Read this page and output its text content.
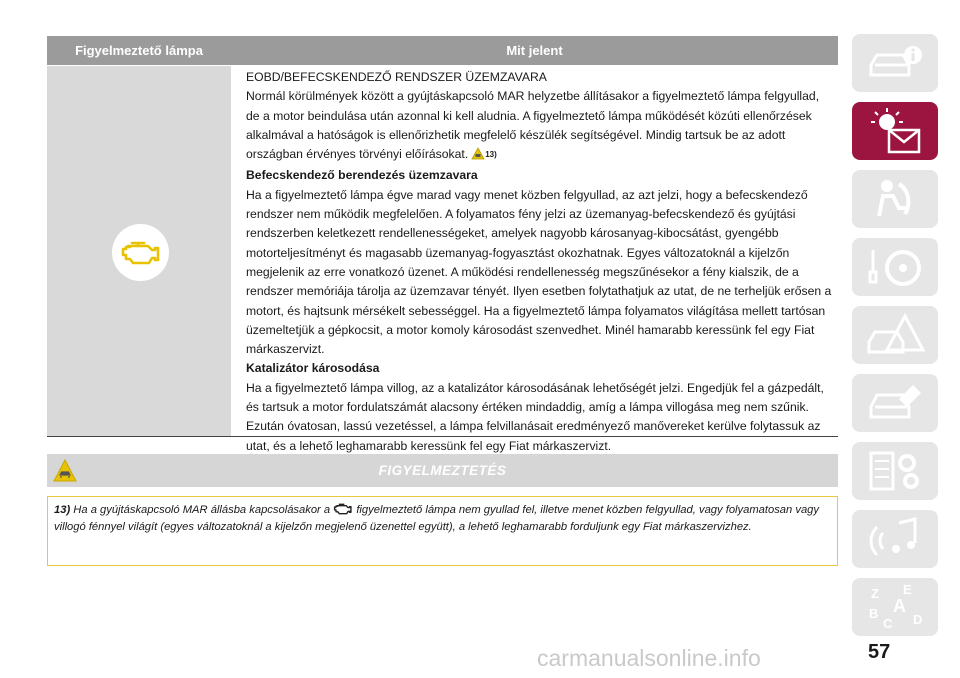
Figyelmeztető lámpa	Mit jelent

EOBD/BEFECSKENDEZŐ RENDSZER ÜZEMZAVARA

Normál körülmények között a gyújtáskapcsoló MAR helyzetbe állításakor a figyelmeztető lámpa felgyullad, de a motor beindulása után azonnal ki kell aludnia. A figyelmeztető lámpa működését közúti ellenőrzések alkalmával a hatóságok is ellenőrizhetik megfelelő készülék segítségével. Mindig tartsuk be az adott országban érvényes törvényi előírásokat. 13)

Befecskendező berendezés üzemzavara

Ha a figyelmeztető lámpa égve marad vagy menet közben felgyullad, az azt jelzi, hogy a befecskendező rendszer nem működik megfelelően. A folyamatos fény jelzi az üzemanyag-befecskendező és gyújtási rendszerben keletkezett rendellenességeket, amelyek nagyobb károsanyag-kibocsátást, gyengébb motorteljesítményt és magasabb üzemanyag-fogyasztást okozhatnak. Egyes változatoknál a kijelzőn megjelenik az erre vonatkozó üzenet. A működési rendellenesség megszűnésekor a fény kialszik, de a rendszer memóriája tárolja az üzemzavar tényét. Ilyen esetben folytathatjuk az utat, de ne terheljük erősen a motort, és hajtsunk mérsékelt sebességgel. Ha a figyelmeztető lámpa folyamatos világítása mellett tartósan üzemeltetjük a gépkocsit, a motor komoly károsodást szenvedhet. Minél hamarabb keressünk fel egy Fiat márkaszervizt.

Katalizátor károsodása

Ha a figyelmeztető lámpa villog, az a katalizátor károsodásának lehetőségét jelzi. Engedjük fel a gázpedált, és tartsuk a motor fordulatszámát alacsony értéken mindaddig, amíg a lámpa villogása meg nem szűnik. Ezután óvatosan, lassú vezetéssel, a lámpa felvillanásait eredményező manővereket kerülve folytassuk az utat, és a lehető leghamarabb keressünk fel egy Fiat márkaszervizt.

FIGYELMEZTETÉS
13) Ha a gyújtáskapcsoló MAR állásba kapcsolásakor a figyelmeztető lámpa nem gyullad fel, illetve menet közben felgyullad, vagy folyamatosan vagy villogó fénnyel világít (egyes változatoknál a kijelzőn megjelenő üzenettel együtt), a lehető leghamarabb forduljunk egy Fiat márkaszervizhez.
Z E
A
B
C D
carmanualsonline.info	57
